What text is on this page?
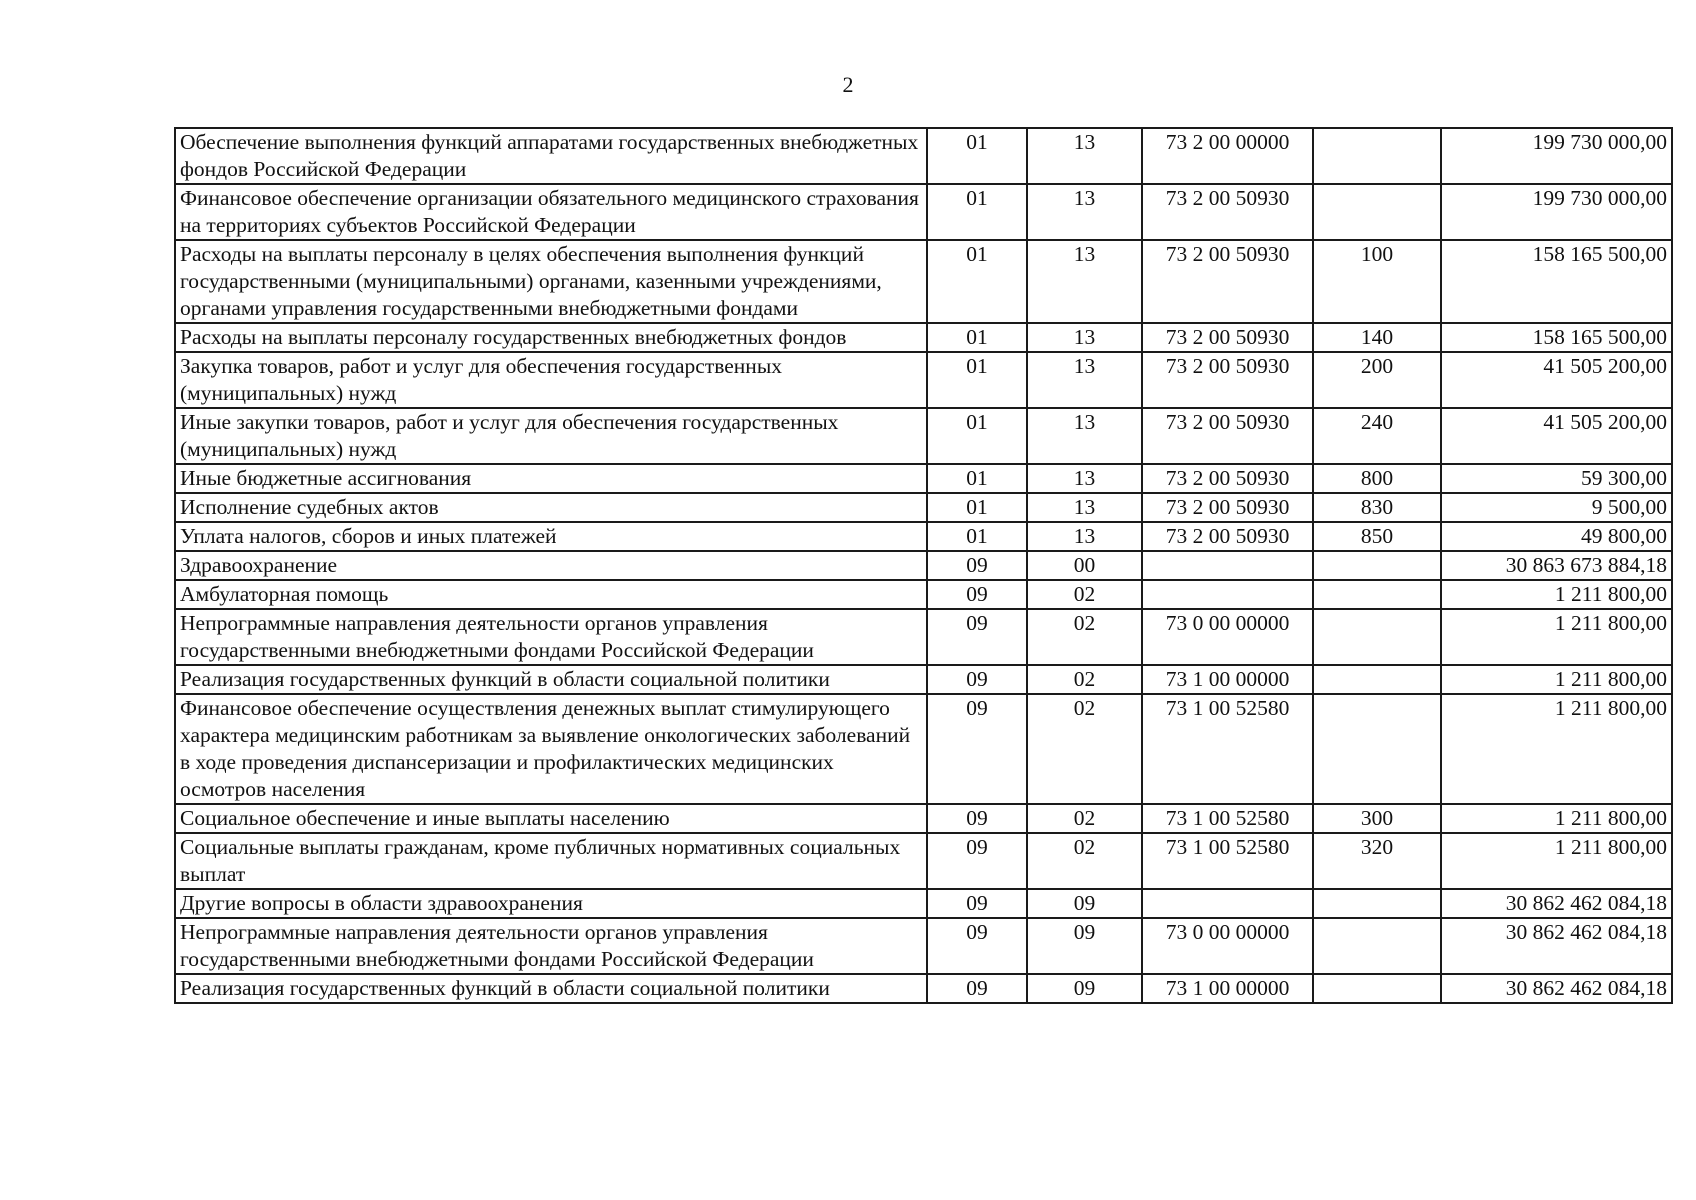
2
Обеспечение выполнения функций аппаратами государственных внебюджетных фондов Российской Федерации	01	13	73 2 00 00000		199 730 000,00
Финансовое обеспечение организации обязательного медицинского страхования на территориях субъектов Российской Федерации	01	13	73 2 00 50930		199 730 000,00
Расходы на выплаты персоналу в целях обеспечения выполнения функций государственными (муниципальными) органами, казенными учреждениями, органами управления государственными внебюджетными фондами	01	13	73 2 00 50930	100	158 165 500,00
Расходы на выплаты персоналу государственных внебюджетных фондов	01	13	73 2 00 50930	140	158 165 500,00
Закупка товаров, работ и услуг для обеспечения государственных (муниципальных) нужд	01	13	73 2 00 50930	200	41 505 200,00
Иные закупки товаров, работ и услуг для обеспечения государственных (муниципальных) нужд	01	13	73 2 00 50930	240	41 505 200,00
Иные бюджетные ассигнования	01	13	73 2 00 50930	800	59 300,00
Исполнение судебных актов	01	13	73 2 00 50930	830	9 500,00
Уплата налогов, сборов и иных платежей	01	13	73 2 00 50930	850	49 800,00
Здравоохранение	09	00			30 863 673 884,18
Амбулаторная помощь	09	02			1 211 800,00
Непрограммные направления деятельности органов управления государственными внебюджетными фондами Российской Федерации	09	02	73 0 00 00000		1 211 800,00
Реализация государственных функций в области социальной политики	09	02	73 1 00 00000		1 211 800,00
Финансовое обеспечение осуществления денежных выплат стимулирующего характера медицинским работникам за выявление онкологических заболеваний в ходе проведения диспансеризации и профилактических медицинских осмотров населения	09	02	73 1 00 52580		1 211 800,00
Социальное обеспечение и иные выплаты населению	09	02	73 1 00 52580	300	1 211 800,00
Социальные выплаты гражданам, кроме публичных нормативных социальных выплат	09	02	73 1 00 52580	320	1 211 800,00
Другие вопросы в области здравоохранения	09	09			30 862 462 084,18
Непрограммные направления деятельности органов управления государственными внебюджетными фондами Российской Федерации	09	09	73 0 00 00000		30 862 462 084,18
Реализация государственных функций в области социальной политики	09	09	73 1 00 00000		30 862 462 084,18
